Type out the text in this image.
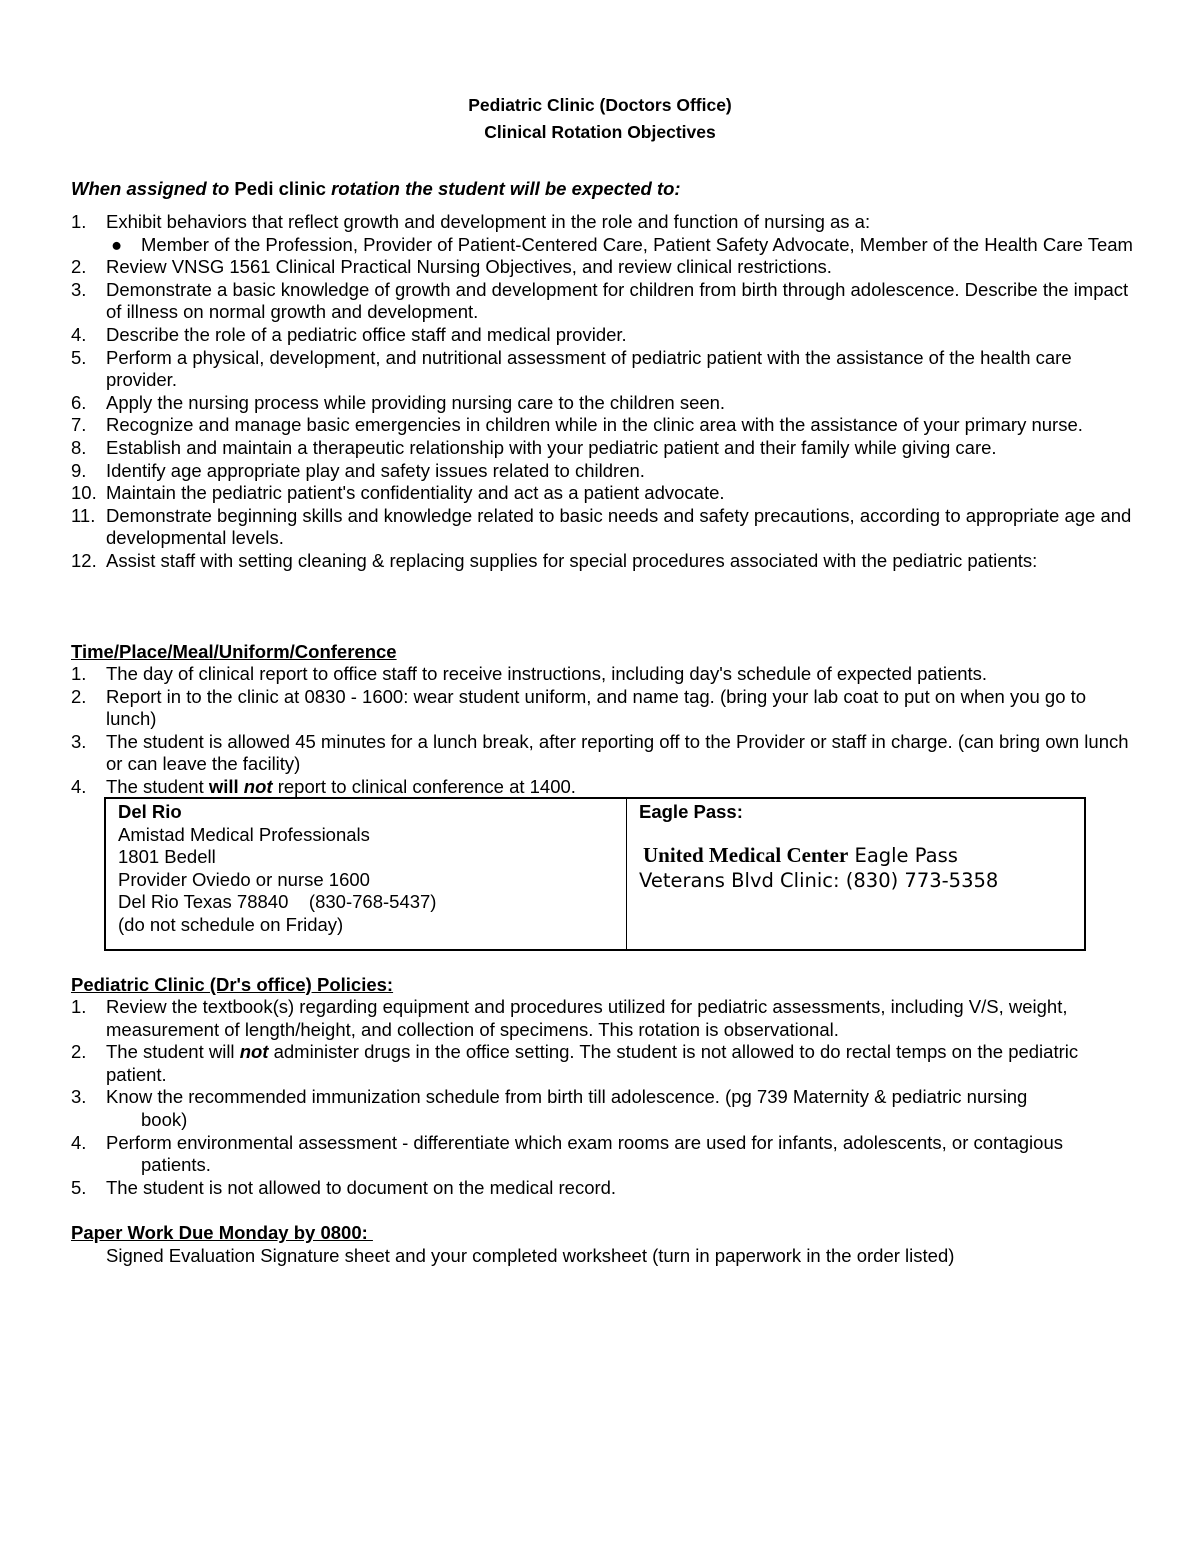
Pediatric Clinic (Doctors Office)
Clinical Rotation Objectives
When assigned to Pedi clinic rotation the student will be expected to:
1. Exhibit behaviors that reflect growth and development in the role and function of nursing as a:
● Member of the Profession, Provider of Patient-Centered Care, Patient Safety Advocate, Member of the Health Care Team
2. Review VNSG 1561 Clinical Practical Nursing Objectives, and review clinical restrictions.
3. Demonstrate a basic knowledge of growth and development for children from birth through adolescence. Describe the impact of illness on normal growth and development.
4. Describe the role of a pediatric office staff and medical provider.
5. Perform a physical, development, and nutritional assessment of pediatric patient with the assistance of the health care provider.
6. Apply the nursing process while providing nursing care to the children seen.
7. Recognize and manage basic emergencies in children while in the clinic area with the assistance of your primary nurse.
8. Establish and maintain a therapeutic relationship with your pediatric patient and their family while giving care.
9. Identify age appropriate play and safety issues related to children.
10. Maintain the pediatric patient's confidentiality and act as a patient advocate.
11. Demonstrate beginning skills and knowledge related to basic needs and safety precautions, according to appropriate age and developmental levels.
12. Assist staff with setting cleaning & replacing supplies for special procedures associated with the pediatric patients:
Time/Place/Meal/Uniform/Conference
1. The day of clinical report to office staff to receive instructions, including day's schedule of expected patients.
2. Report in to the clinic at 0830 - 1600: wear student uniform, and name tag. (bring your lab coat to put on when you go to lunch)
3. The student is allowed 45 minutes for a lunch break, after reporting off to the Provider or staff in charge. (can bring own lunch or can leave the facility)
4. The student will not report to clinical conference at 1400.
Del Rio
Amistad Medical Professionals
1801 Bedell
Provider Oviedo or nurse 1600
Del Rio Texas 78840    (830-768-5437)
(do not schedule on Friday)

Eagle Pass:
United Medical Center Eagle Pass
Veterans Blvd Clinic: (830) 773-5358
Pediatric Clinic (Dr's office) Policies:
1. Review the textbook(s) regarding equipment and procedures utilized for pediatric assessments, including V/S, weight, measurement of length/height, and collection of specimens. This rotation is observational.
2. The student will not administer drugs in the office setting. The student is not allowed to do rectal temps on the pediatric patient.
3. Know the recommended immunization schedule from birth till adolescence. (pg 739 Maternity & pediatric nursing
book)
4. Perform environmental assessment - differentiate which exam rooms are used for infants, adolescents, or contagious
patients.
5. The student is not allowed to document on the medical record.
Paper Work Due Monday by 0800:
Signed Evaluation Signature sheet and your completed worksheet (turn in paperwork in the order listed)
